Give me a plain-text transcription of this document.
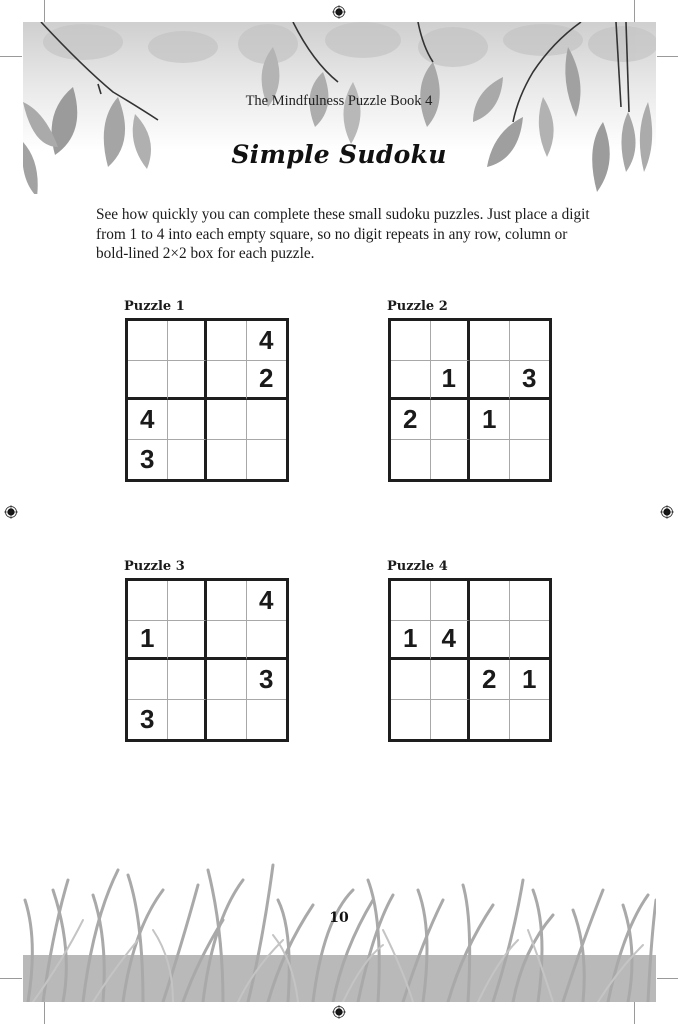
The Mindfulness Puzzle Book 4
Simple Sudoku
See how quickly you can complete these small sudoku puzzles. Just place a digit from 1 to 4 into each empty square, so no digit repeats in any row, column or bold-lined 2×2 box for each puzzle.
Puzzle 1
4
2
4
3
Puzzle 2
1	3
2	1
Puzzle 3
4
1
3
3
Puzzle 4
1 4
2 1
10
